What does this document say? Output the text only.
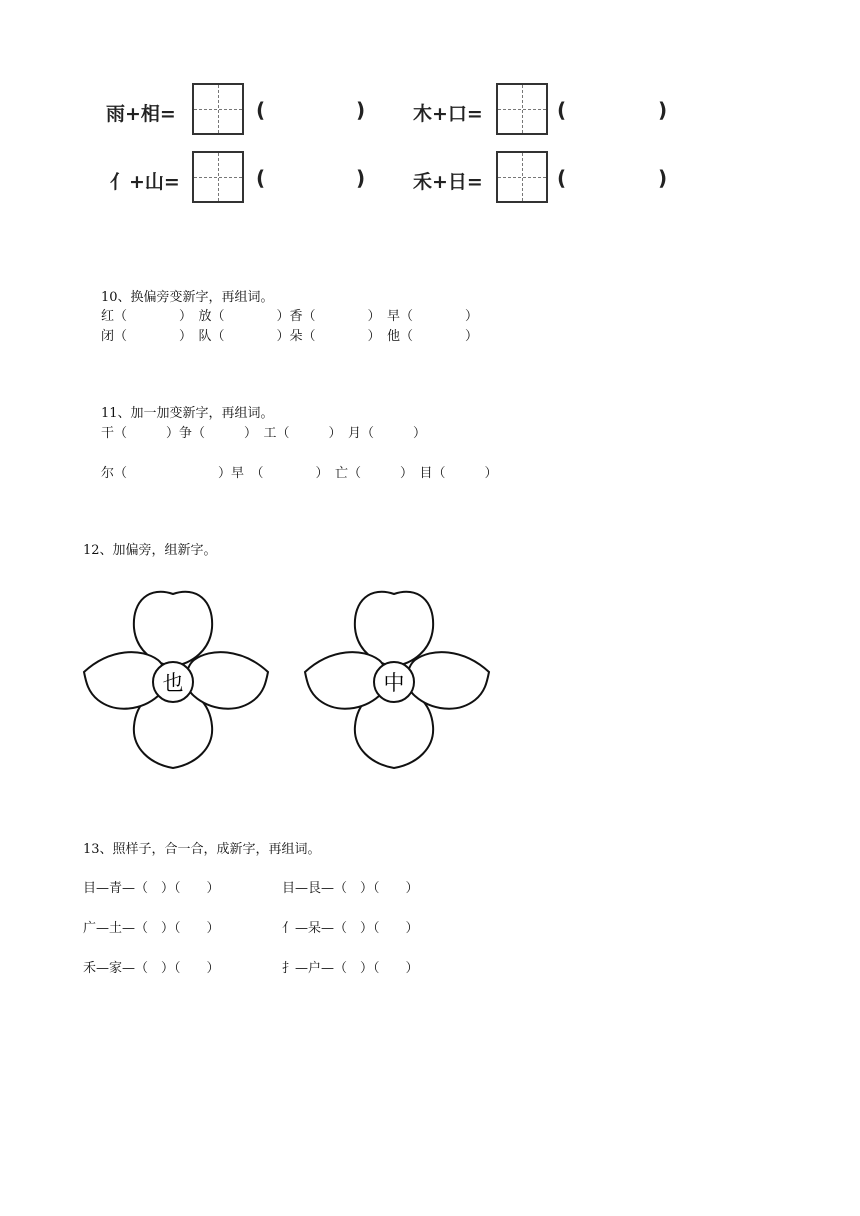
雨+相=	(	)	木+口=	(	)
亻+山=	(	)	禾+日=	(	)
10、换偏旁变新字，再组词。
红（　　　　）　放（　　　　）香（　　　　）　早（　　　　）
闭（　　　　）　队（　　　　）朵（　　　　）　他（　　　　）
11、加一加变新字，再组词。
干（　　　）争（　　　）　工（　　　）　月（　　　）
尔（　　　　　　　）早　（　　　　）　亡（　　　）　目（　　　）
12、加偏旁，组新字。
也	中
13、照样子，合一合，成新字，再组词。
目—青—（　）（　　）	目—艮—（　）（　　）
广—土—（　）（　　）	亻—呆—（　）（　　）
禾—家—（　）（　　）	扌—户—（　）（　　）
